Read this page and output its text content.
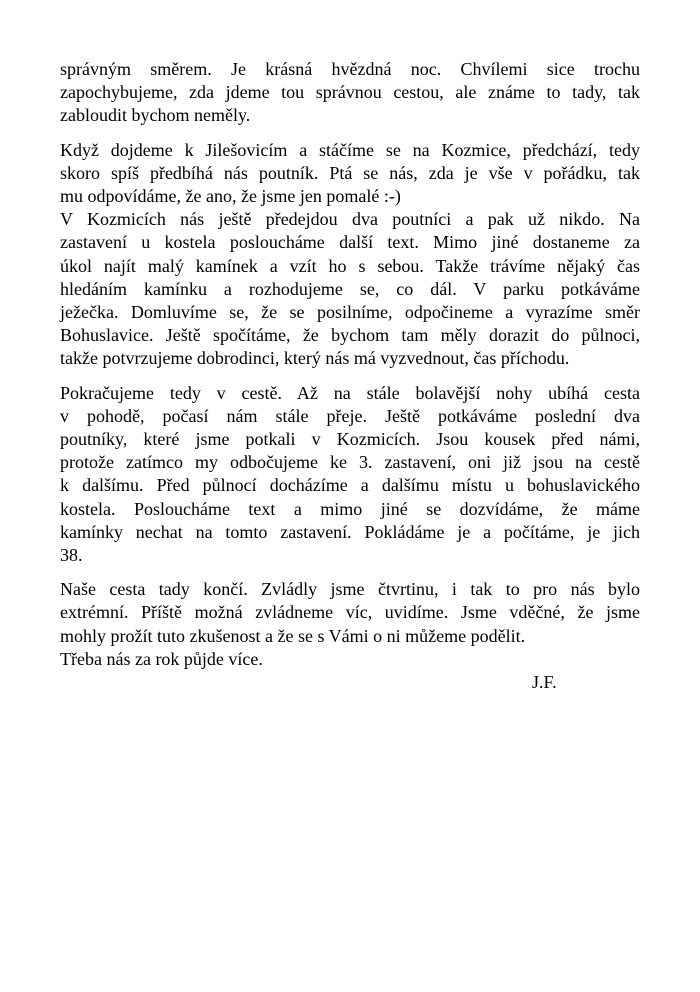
správným směrem. Je krásná hvězdná noc. Chvílemi sice trochu
zapochybujeme, zda jdeme tou správnou cestou, ale známe to tady, tak
zabloudit bychom neměly.

Když dojdeme k Jilešovicím a stáčíme se na Kozmice, předchází, tedy
skoro spíš předbíhá nás poutník. Ptá se nás, zda je vše v pořádku, tak
mu odpovídáme, že ano, že jsme jen pomalé :-)

V Kozmicích nás ještě předejdou dva poutníci a pak už nikdo. Na
zastavení u kostela posloucháme další text. Mimo jiné dostaneme za
úkol najít malý kamínek a vzít ho s sebou. Takže trávíme nějaký čas
hledáním kamínku a rozhodujeme se, co dál. V parku potkáváme
ježečka. Domluvíme se, že se posilníme, odpočineme a vyrazíme směr
Bohuslavice. Ještě spočítáme, že bychom tam měly dorazit do půlnoci,
takže potvrzujeme dobrodinci, který nás má vyzvednout, čas příchodu.

Pokračujeme tedy v cestě. Až na stále bolavější nohy ubíhá cesta
v pohodě, počasí nám stále přeje. Ještě potkáváme poslední dva
poutníky, které jsme potkali v Kozmicích. Jsou kousek před námi,
protože zatímco my odbočujeme ke 3. zastavení, oni již jsou na cestě
k dalšímu. Před půlnocí docházíme a dalšímu místu u bohuslavického
kostela. Posloucháme text a mimo jiné se dozvídáme, že máme
kamínky nechat na tomto zastavení. Pokládáme je a počítáme, je jich
38.

Naše cesta tady končí. Zvládly jsme čtvrtinu, i tak to pro nás bylo
extrémní. Příště možná zvládneme víc, uvidíme. Jsme vděčné, že jsme
mohly prožít tuto zkušenost a že se s Vámi o ni můžeme podělit.

Třeba nás za rok půjde více.

J.F.
